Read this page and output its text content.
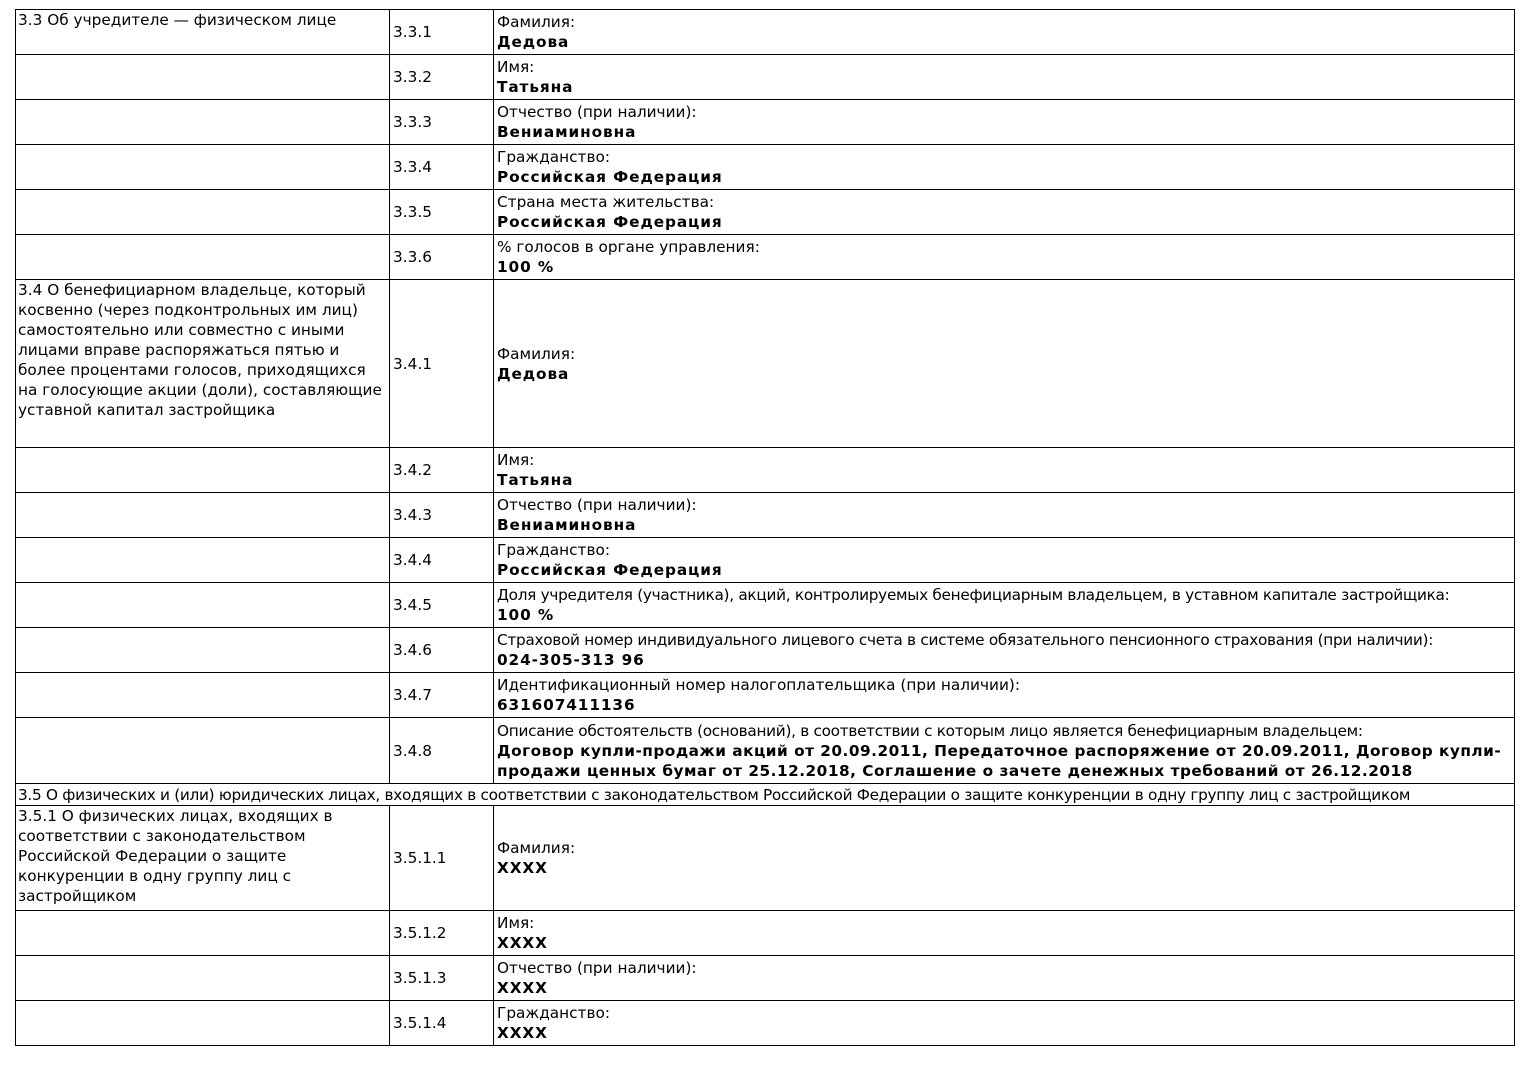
3.3 Об учредителе — физическом лице	3.3.1	Фамилия:
Дедова

	3.3.2	Имя:
Татьяна

	3.3.3	Отчество (при наличии):
Вениаминовна

	3.3.4	Гражданство:
Российская Федерация

	3.3.5	Страна места жительства:
Российская Федерация

	3.3.6	% голосов в органе управления:
100 %

3.4 О бенефициарном владельце, который косвенно (через подконтрольных им лиц) самостоятельно или совместно с иными лицами вправе распоряжаться пятью и более процентами голосов, приходящихся на голосующие акции (доли), составляющие уставной капитал застройщика	3.4.1	Фамилия:
Дедова

	3.4.2	Имя:
Татьяна

	3.4.3	Отчество (при наличии):
Вениаминовна

	3.4.4	Гражданство:
Российская Федерация

	3.4.5	Доля учредителя (участника), акций, контролируемых бенефициарным владельцем, в уставном капитале застройщика:
100 %

	3.4.6	Страховой номер индивидуального лицевого счета в системе обязательного пенсионного страхования (при наличии):
024-305-313 96

	3.4.7	Идентификационный номер налогоплательщика (при наличии):
631607411136

	3.4.8	Описание обстоятельств (оснований), в соответствии с которым лицо является бенефициарным владельцем:
Договор купли-продажи акций от 20.09.2011, Передаточное распоряжение от 20.09.2011, Договор купли-продажи ценных бумаг от 25.12.2018, Соглашение о зачете денежных требований от 26.12.2018

3.5 О физических и (или) юридических лицах, входящих в соответствии с законодательством Российской Федерации о защите конкуренции в одну группу лиц с застройщиком		

3.5.1 О физических лицах, входящих в соответствии с законодательством Российской Федерации о защите конкуренции в одну группу лиц с застройщиком	3.5.1.1	Фамилия:
XXXX

	3.5.1.2	Имя:
XXXX

	3.5.1.3	Отчество (при наличии):
XXXX

	3.5.1.4	Гражданство:
XXXX
